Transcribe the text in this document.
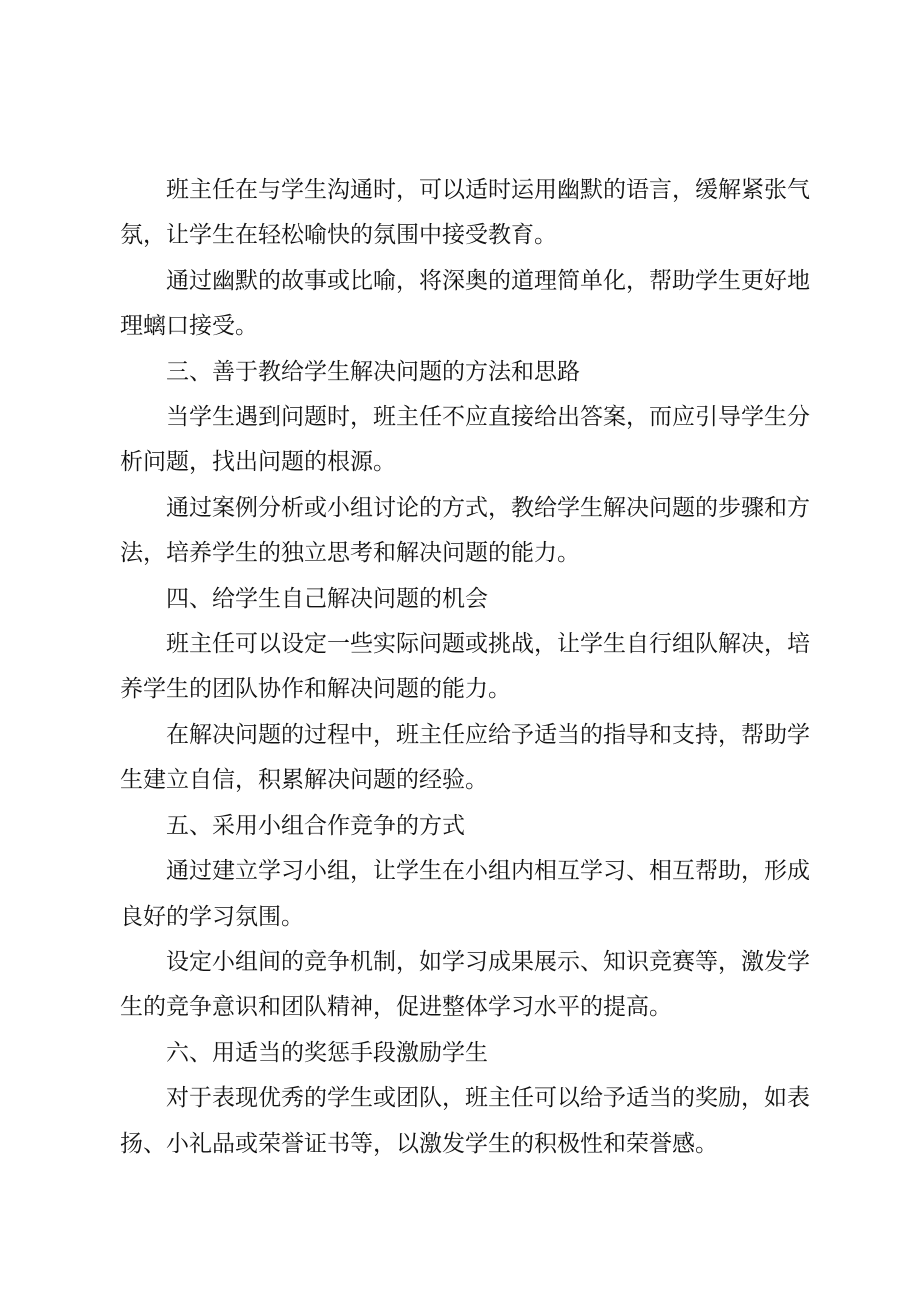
班主任在与学生沟通时，可以适时运用幽默的语言，缓解紧张气氛，让学生在轻松喻快的氛围中接受教育。

通过幽默的故事或比喻，将深奥的道理简单化，帮助学生更好地理螭口接受。

三、善于教给学生解决问题的方法和思路

当学生遇到问题时，班主任不应直接给出答案，而应引导学生分析问题，找出问题的根源。

通过案例分析或小组讨论的方式，教给学生解决问题的步骤和方法，培养学生的独立思考和解决问题的能力。

四、给学生自己解决问题的机会

班主任可以设定一些实际问题或挑战，让学生自行组队解决，培养学生的团队协作和解决问题的能力。

在解决问题的过程中，班主任应给予适当的指导和支持，帮助学生建立自信，积累解决问题的经验。

五、采用小组合作竞争的方式

通过建立学习小组，让学生在小组内相互学习、相互帮助，形成良好的学习氛围。

设定小组间的竞争机制，如学习成果展示、知识竞赛等，激发学生的竞争意识和团队精神，促进整体学习水平的提高。

六、用适当的奖惩手段激励学生

对于表现优秀的学生或团队，班主任可以给予适当的奖励，如表扬、小礼品或荣誉证书等，以激发学生的积极性和荣誉感。
